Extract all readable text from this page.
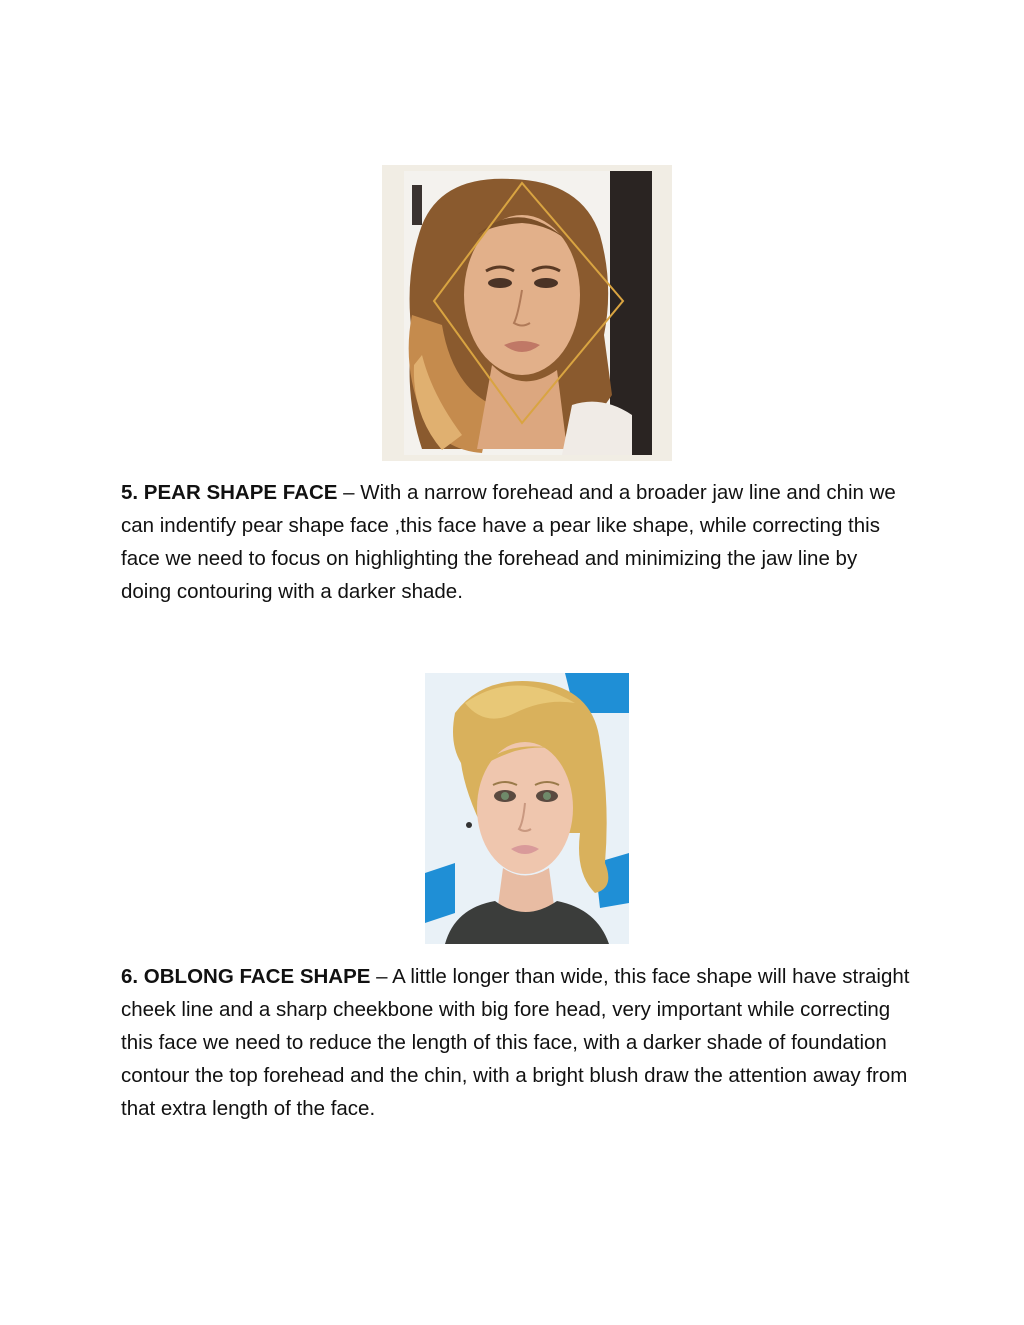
5. PEAR SHAPE FACE – With a narrow forehead and a broader jaw line and chin we can indentify pear shape face ,this face have a pear like shape, while correcting this face we need to focus on highlighting the forehead and minimizing the jaw line by doing contouring with a darker shade.

6. OBLONG FACE SHAPE – A little longer than wide, this face shape will have straight cheek line and a sharp cheekbone with big fore head, very important while correcting this face we need to reduce the length of this face, with a darker shade of foundation contour the top forehead and the chin, with a bright blush draw the attention away from that extra length of the face.
